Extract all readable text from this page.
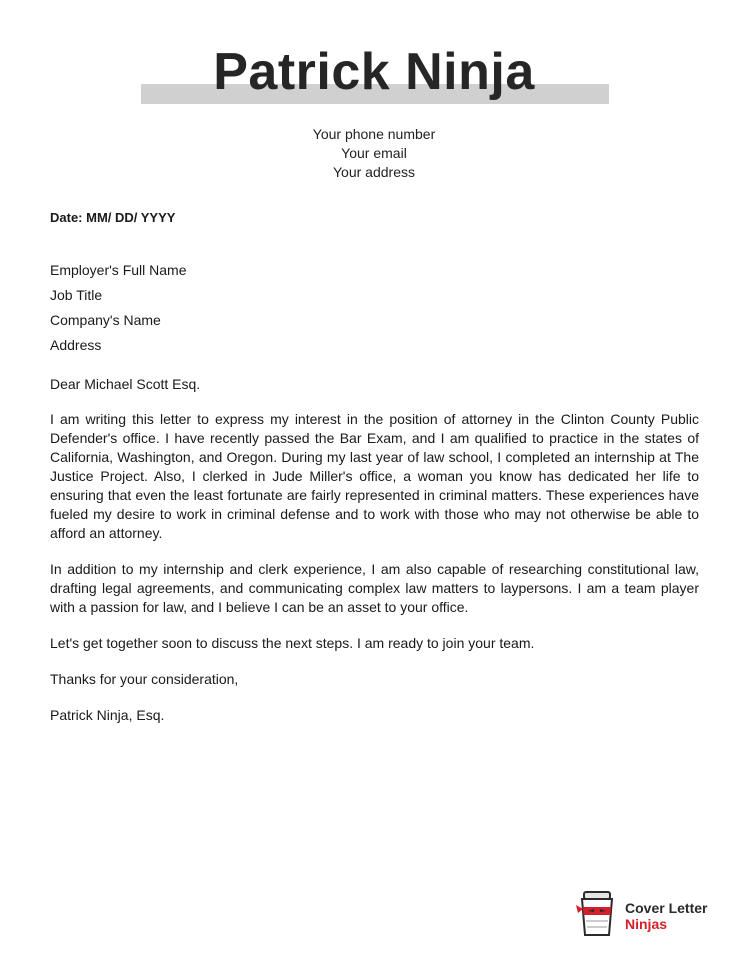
Patrick Ninja
Your phone number
Your email
Your address
Date: MM/ DD/ YYYY
Employer's Full Name
Job Title
Company's Name
Address
Dear Michael Scott Esq.

I am writing this letter to express my interest in the position of attorney in the Clinton County Public Defender's office. I have recently passed the Bar Exam, and I am qualified to practice in the states of California, Washington, and Oregon. During my last year of law school, I completed an internship at The Justice Project. Also, I clerked in Jude Miller's office, a woman you know has dedicated her life to ensuring that even the least fortunate are fairly represented in criminal matters. These experiences have fueled my desire to work in criminal defense and to work with those who may not otherwise be able to afford an attorney.

In addition to my internship and clerk experience, I am also capable of researching constitutional law, drafting legal agreements, and communicating complex law matters to laypersons. I am a team player with a passion for law, and I believe I can be an asset to your office.

Let's get together soon to discuss the next steps. I am ready to join your team.

Thanks for your consideration,

Patrick Ninja, Esq.

Cover Letter
Ninjas
